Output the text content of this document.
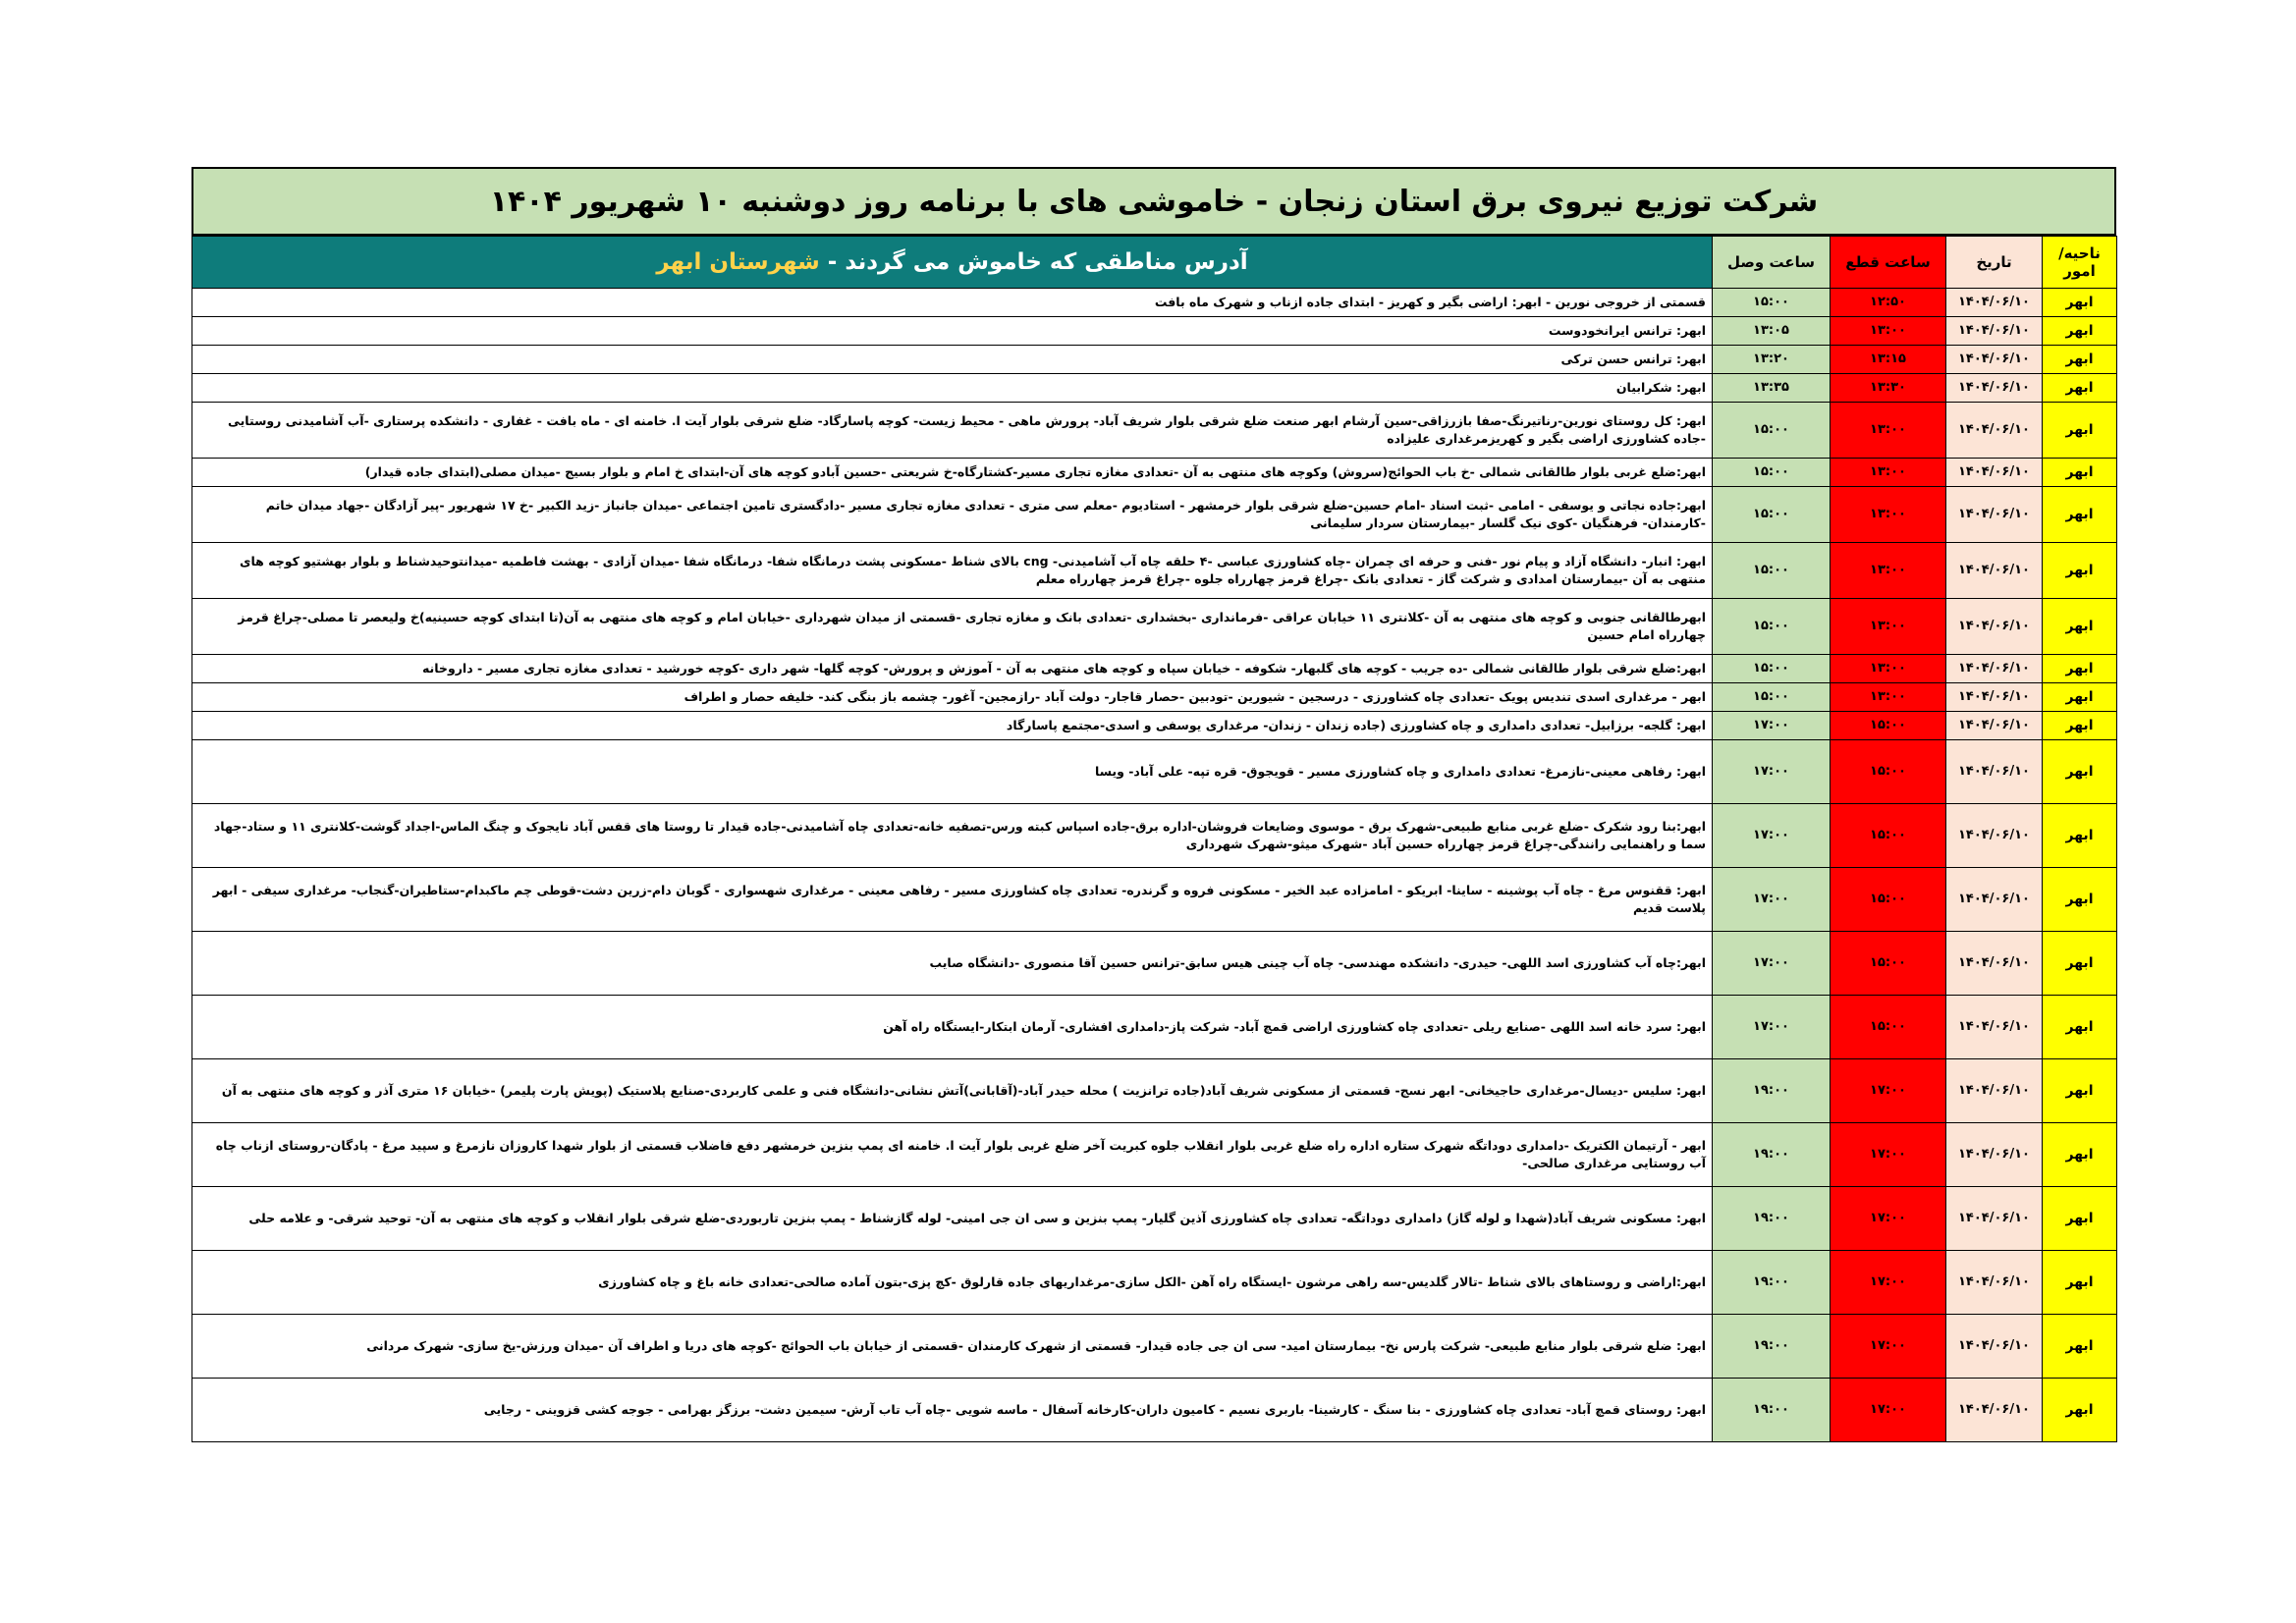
شرکت توزیع نیروی برق استان زنجان - خاموشی های با برنامه روز دوشنبه ۱۰ شهریور ۱۴۰۴
ناحیه/امور	تاریخ	ساعت قطع	ساعت وصل	آدرس مناطقی که خاموش می گردند - شهرستان ابهر
ابهر	۱۴۰۴/۰۶/۱۰	۱۲:۵۰	۱۵:۰۰	قسمتی از خروجی نورین - ابهر: اراضی بگیر و کهریز - ابتدای جاده ازناب و شهرک ماه بافت
ابهر	۱۴۰۴/۰۶/۱۰	۱۳:۰۰	۱۳:۰۵	ابهر: ترانس ایرانخودوست
ابهر	۱۴۰۴/۰۶/۱۰	۱۳:۱۵	۱۳:۲۰	ابهر: ترانس حسن ترکی
ابهر	۱۴۰۴/۰۶/۱۰	۱۳:۳۰	۱۳:۳۵	ابهر: شکرابیان
ابهر	۱۴۰۴/۰۶/۱۰	۱۳:۰۰	۱۵:۰۰	ابهر: کل روستای نورین-رناتیرنگ-صفا بازرزاقی-سین آرشام ابهر صنعت ضلع شرقی بلوار شریف آباد- پرورش ماهی - محیط زیست- کوچه پاسارگاد- ضلع شرقی بلوار آیت ا. خامنه ای - ماه بافت - غفاری - دانشکده پرستاری -آب آشامیدنی روستایی -جاده کشاورزی اراضی بگیر و کهریزمرغداری علیزاده
ابهر	۱۴۰۴/۰۶/۱۰	۱۳:۰۰	۱۵:۰۰	ابهر:ضلع غربی بلوار طالقانی شمالی -خ باب الحوائج(سروش) وکوچه های منتهی به آن -تعدادی مغازه تجاری مسیر-کشتارگاه-خ شریعتی -حسین آبادو کوچه های آن-ابتدای خ امام و بلوار بسیج -میدان مصلی(ابتدای جاده قیدار)
ابهر	۱۴۰۴/۰۶/۱۰	۱۳:۰۰	۱۵:۰۰	ابهر:جاده نجاتی و یوسفی - امامی -ثبت اسناد -امام حسین-ضلع شرقی بلوار خرمشهر - استادیوم -معلم سی متری - تعدادی مغازه تجاری مسیر -دادگستری تامین اجتماعی -میدان جانباز -زید الکبیر -خ ۱۷ شهریور -پیر آزادگان -جهاد میدان خاتم -کارمندان- فرهنگیان -کوی نیک گلسار -بیمارستان سردار سلیمانی
ابهر	۱۴۰۴/۰۶/۱۰	۱۳:۰۰	۱۵:۰۰	ابهر: انبار- دانشگاه آزاد و پیام نور -فنی و حرفه ای چمران -چاه کشاورزی عباسی -۴ حلقه چاه آب آشامیدنی- cng بالای شناط -مسکونی پشت درمانگاه شفا- درمانگاه شفا -میدان آزادی - بهشت فاطمیه -میدانتوحیدشناط و بلوار بهشتیو کوچه های منتهی به آن -بیمارستان امدادی و شرکت گاز - تعدادی بانک -چراغ قرمز چهارراه جلوه -چراغ قرمز چهارراه معلم
ابهر	۱۴۰۴/۰۶/۱۰	۱۳:۰۰	۱۵:۰۰	ابهرطالقانی جنوبی و کوچه های منتهی به آن -کلانتری ۱۱ خیابان عراقی -فرمانداری -بخشداری -تعدادی بانک و مغازه تجاری -قسمتی از میدان شهرداری -خیابان امام و کوچه های منتهی به آن(تا ابتدای کوچه حسینیه)خ ولیعصر تا مصلی-چراغ قرمز چهارراه امام حسین
ابهر	۱۴۰۴/۰۶/۱۰	۱۳:۰۰	۱۵:۰۰	ابهر:ضلع شرقی بلوار طالقانی شمالی -ده جریب - کوچه های گلبهار- شکوفه - خیابان سپاه و کوچه های منتهی به آن - آموزش و پرورش- کوچه گلها- شهر داری -کوچه خورشید - تعدادی مغازه تجاری مسیر - داروخانه
ابهر	۱۴۰۴/۰۶/۱۰	۱۳:۰۰	۱۵:۰۰	ابهر - مرغداری اسدی تندیس پویک -تعدادی چاه کشاورزی - درسجین - شیورین -تودبین -حصار قاجار- دولت آباد -رازمجین- آغور- چشمه باز بنگی کند- خلیفه حصار و اطراف
ابهر	۱۴۰۴/۰۶/۱۰	۱۵:۰۰	۱۷:۰۰	ابهر: گلجه- برزابیل- تعدادی دامداری و چاه کشاورزی (جاده زندان - زندان- مرغداری یوسفی و اسدی-مجتمع پاسارگاد
ابهر	۱۴۰۴/۰۶/۱۰	۱۵:۰۰	۱۷:۰۰	ابهر: رفاهی معینی-نازمرغ- تعدادی دامداری و چاه کشاورزی مسیر - قویجوق- قره تپه- علی آباد- ویسا
ابهر	۱۴۰۴/۰۶/۱۰	۱۵:۰۰	۱۷:۰۰	ابهر:بنا رود شکرک -ضلع غربی منابع طبیعی-شهرک برق - موسوی وضایعات فروشان-اداره برق-جاده اسپاس کبته ورس-تصفیه خانه-تعدادی چاه آشامیدنی-جاده قیدار تا روستا های قفس آباد نایجوک و چنگ الماس-اجداد گوشت-کلانتری ۱۱ و ستاد-جهاد سما و راهنمایی رانندگی-چراغ قرمز چهارراه حسین آباد -شهرک میثو-شهرک شهرداری
ابهر	۱۴۰۴/۰۶/۱۰	۱۵:۰۰	۱۷:۰۰	ابهر: ققنوس مرغ - چاه آب پوشینه - ساینا- ابریکو - امامزاده عبد الخیر - مسکونی فروه و گرندره- تعدادی چاه کشاورزی مسیر - رفاهی معینی - مرغداری شهسواری - گوبان دام-زرین دشت-قوطی چم ماکبدام-ستاطیران-گنجاب- مرغداری سیفی - ابهر پلاست قدیم
ابهر	۱۴۰۴/۰۶/۱۰	۱۵:۰۰	۱۷:۰۰	ابهر:چاه آب کشاورزی اسد اللهی- حیدری- دانشکده مهندسی- چاه آب چینی هیس سابق-ترانس حسین آقا منصوری -دانشگاه صایب
ابهر	۱۴۰۴/۰۶/۱۰	۱۵:۰۰	۱۷:۰۰	ابهر: سرد خانه اسد اللهی -صنایع ریلی -تعدادی چاه کشاورزی اراضی قمچ آباد- شرکت پاز-دامداری افشاری- آرمان ابتکار-ایستگاه راه آهن
ابهر	۱۴۰۴/۰۶/۱۰	۱۷:۰۰	۱۹:۰۰	ابهر: سلیس -دیسال-مرغداری حاجیخانی- ابهر نسج- قسمتی از مسکونی شریف آباد(جاده ترانزیت ) محله حیدر آباد-(آقابانی)آتش نشانی-دانشگاه فنی و علمی کاربردی-صنایع پلاستیک (پویش پارت پلیمر) -خیابان ۱۶ متری آذر و کوچه های منتهی به آن
ابهر	۱۴۰۴/۰۶/۱۰	۱۷:۰۰	۱۹:۰۰	ابهر - آرتیمان الکتریک -دامداری دوداتگه شهرک ستاره اداره راه ضلع غربی بلوار انقلاب جلوه کبریت آخر ضلع غربی بلوار آیت ا. خامنه ای پمپ بنزین خرمشهر دفع فاضلاب قسمتی از بلوار شهدا کاروزان نازمرغ و سپید مرغ - پادگان-روستای ازناب چاه آب روستایی مرغداری صالحی-
ابهر	۱۴۰۴/۰۶/۱۰	۱۷:۰۰	۱۹:۰۰	ابهر: مسکونی شریف آباد(شهدا و لوله گاز) دامداری دوداتگه- تعدادی چاه کشاورزی آذین گلیار- پمپ بنزین و سی ان جی امینی- لوله گازشناط - پمپ بنزین تاربوردی-ضلع شرقی بلوار انقلاب و کوچه های منتهی به آن- توحید شرقی- و علامه حلی
ابهر	۱۴۰۴/۰۶/۱۰	۱۷:۰۰	۱۹:۰۰	ابهر:اراضی و روستاهای بالای شناط -تالار گلدیس-سه راهی مرشون -ایستگاه راه آهن -الکل سازی-مرغداریهای جاده قارلوق -کچ پزی-بتون آماده صالحی-تعدادی خانه باغ و چاه کشاورزی
ابهر	۱۴۰۴/۰۶/۱۰	۱۷:۰۰	۱۹:۰۰	ابهر: ضلع شرقی بلوار منابع طبیعی- شرکت پارس نخ- بیمارستان امید- سی ان جی جاده قیدار- قسمتی از شهرک کارمندان -قسمتی از خیابان باب الحوائج -کوچه های دریا و اطراف آن -میدان ورزش-یخ سازی- شهرک مردانی
ابهر	۱۴۰۴/۰۶/۱۰	۱۷:۰۰	۱۹:۰۰	ابهر: روستای قمچ آباد- تعدادی چاه کشاورزی - بنا سنگ - کارشینا- باربری نسیم - کامیون داران-کارخانه آسفال - ماسه شویی -چاه آب تاب آرش- سیمین دشت- برزگز بهرامی - جوجه کشی قزوینی - رجایی
